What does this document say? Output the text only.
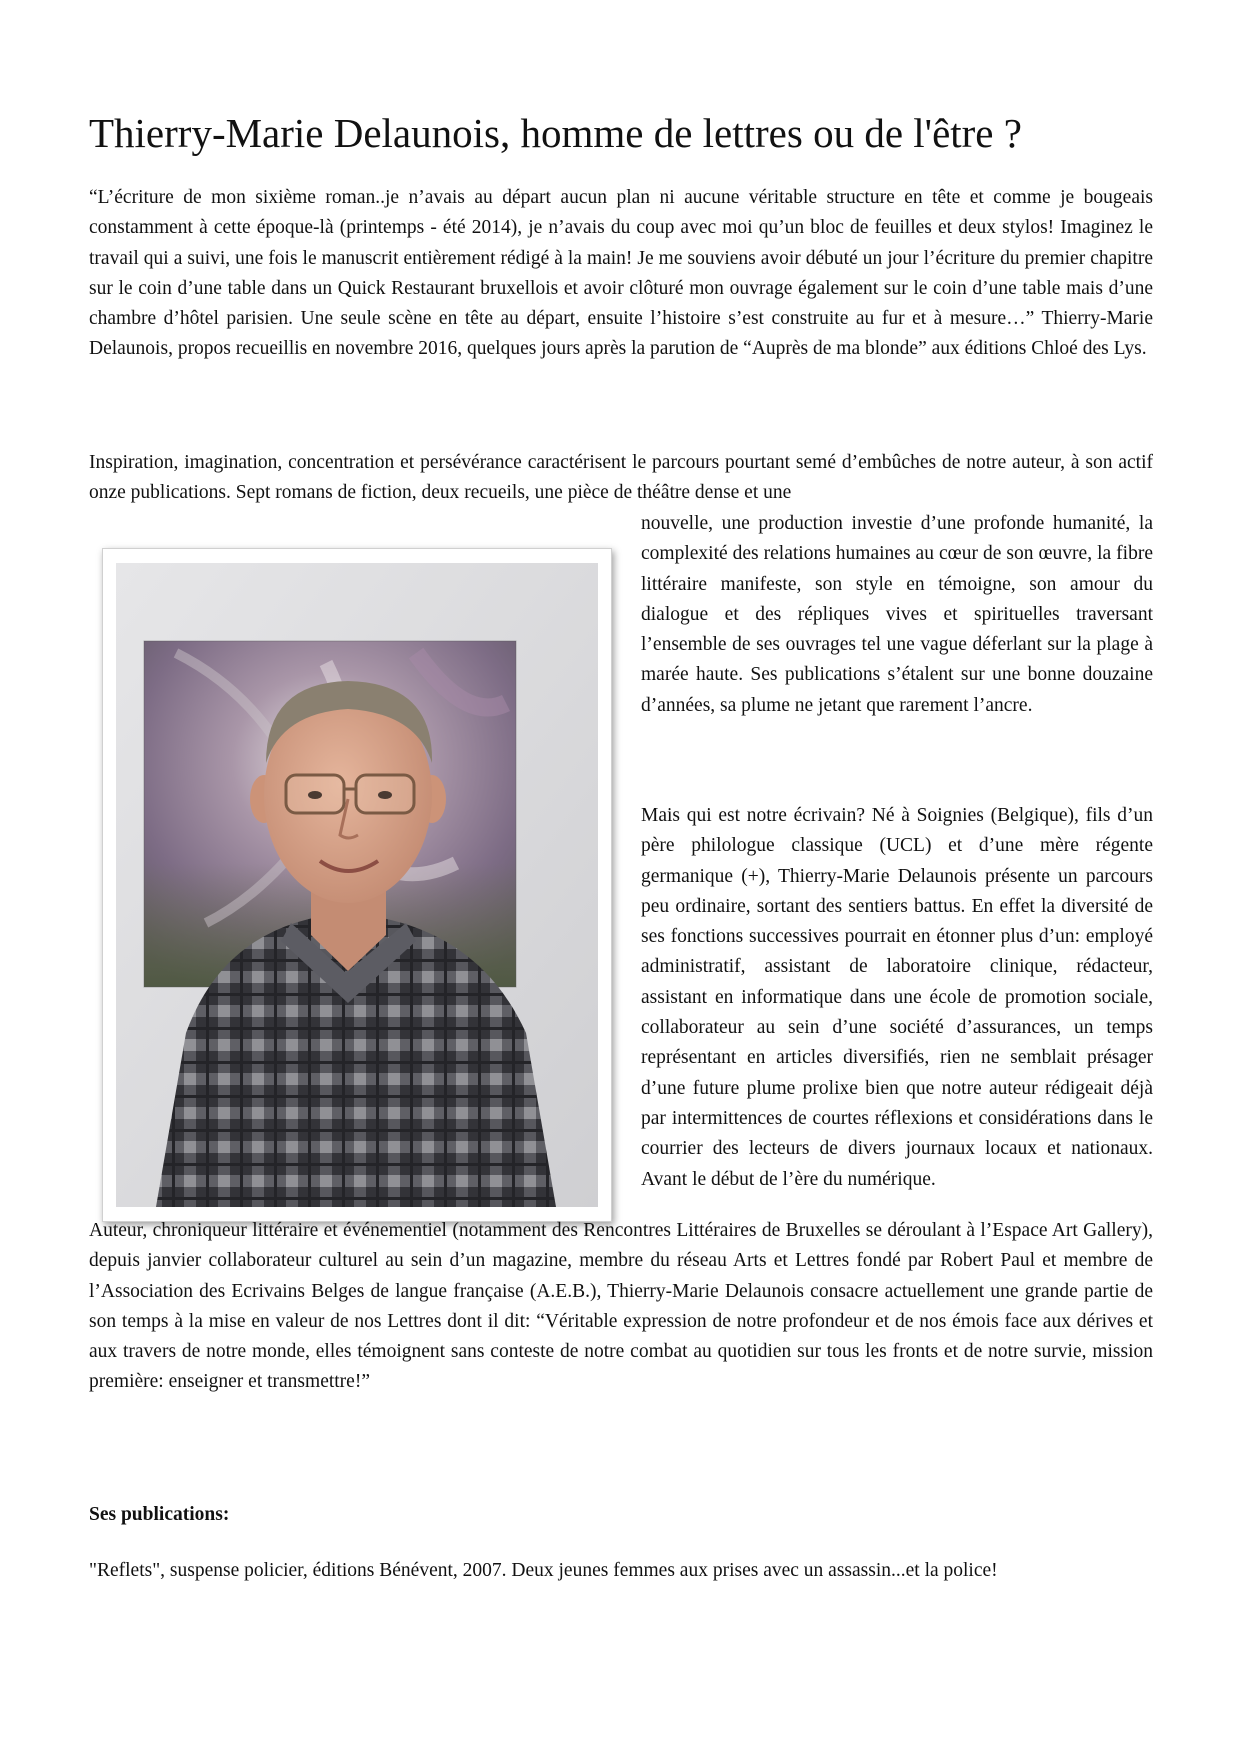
Thierry-Marie Delaunois, homme de lettres ou de l'être ?

“L’écriture de mon sixième roman..je n’avais au départ aucun plan ni aucune véritable structure en tête et comme je bougeais constamment à cette époque-là (printemps - été 2014), je n’avais du coup avec moi qu’un bloc de feuilles et deux stylos! Imaginez le travail qui a suivi, une fois le manuscrit entièrement rédigé à la main! Je me souviens avoir débuté un jour l’écriture du premier chapitre sur le coin d’une table dans un Quick Restaurant bruxellois et avoir clôturé mon ouvrage également sur le coin d’une table mais d’une chambre d’hôtel parisien. Une seule scène en tête au départ, ensuite l’histoire s’est construite au fur et à mesure…” Thierry-Marie Delaunois, propos recueillis en novembre 2016, quelques jours après la parution de “Auprès de ma blonde” aux éditions Chloé des Lys.

Inspiration, imagination, concentration et persévérance caractérisent le parcours pourtant semé d’embûches de notre auteur, à son actif onze publications. Sept romans de fiction, deux recueils, une pièce de théâtre dense et une

nouvelle, une production investie d’une profonde humanité, la complexité des relations humaines au cœur de son œuvre, la fibre littéraire manifeste, son style en témoigne, son amour du dialogue et des répliques vives et spirituelles traversant l’ensemble de ses ouvrages tel une vague déferlant sur la plage à marée haute. Ses publications s’étalent sur une bonne douzaine d’années, sa plume ne jetant que rarement l’ancre.

Mais qui est notre écrivain? Né à Soignies (Belgique), fils d’un père philologue classique (UCL) et d’une mère régente germanique (+), Thierry-Marie Delaunois présente un parcours peu ordinaire, sortant des sentiers battus. En effet la diversité de ses fonctions successives pourrait en étonner plus d’un: employé administratif, assistant de laboratoire clinique, rédacteur, assistant en informatique dans une école de promotion sociale, collaborateur au sein d’une société d’assurances, un temps représentant en articles diversifiés, rien ne semblait présager d’une future plume prolixe bien que notre auteur rédigeait déjà par intermittences de courtes réflexions et considérations dans le courrier des lecteurs de divers journaux locaux et nationaux. Avant le début de l’ère du numérique.

Auteur, chroniqueur littéraire et événementiel (notamment des Rencontres Littéraires de Bruxelles se déroulant à l’Espace Art Gallery), depuis janvier collaborateur culturel au sein d’un magazine, membre du réseau Arts et Lettres fondé par Robert Paul et membre de l’Association des Ecrivains Belges de langue française (A.E.B.), Thierry-Marie Delaunois consacre actuellement une grande partie de son temps à la mise en valeur de nos Lettres dont il dit: “Véritable expression de notre profondeur et de nos émois face aux dérives et aux travers de notre monde, elles témoignent sans conteste de notre combat au quotidien sur tous les fronts et de notre survie, mission première: enseigner et transmettre!”

Ses publications:

"Reflets", suspense policier, éditions Bénévent, 2007. Deux jeunes femmes aux prises avec un assassin...et la police!
